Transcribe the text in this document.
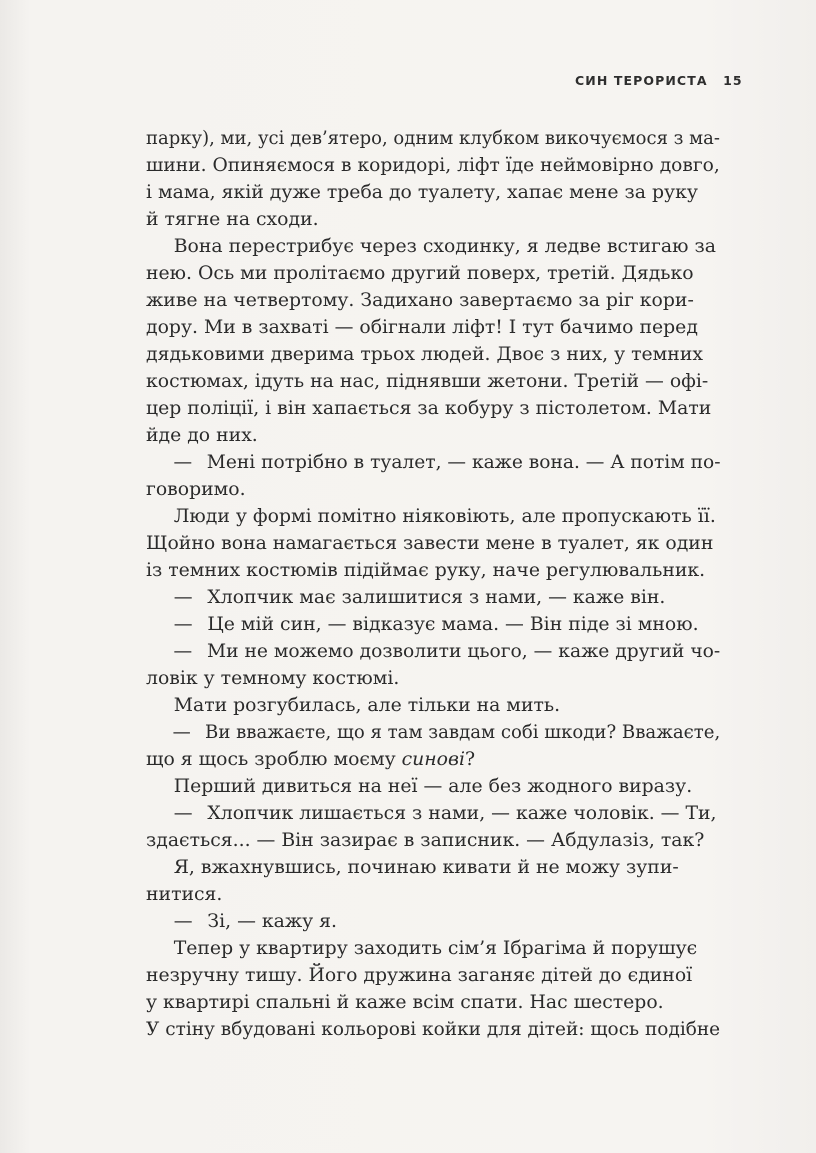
СИН ТЕРОРИСТА 15
парку), ми, усі дев’ятеро, одним клубком викочуємося з ма-
шини. Опиняємося в коридорі, ліфт їде неймовірно довго,
і мама, якій дуже треба до туалету, хапає мене за руку
й тягне на сходи.
Вона перестрибує через сходинку, я ледве встигаю за
нею. Ось ми пролітаємо другий поверх, третій. Дядько
живе на четвертому. Задихано завертаємо за ріг кори-
дору. Ми в захваті — обігнали ліфт! І тут бачимо перед
дядьковими дверима трьох людей. Двоє з них, у темних
костюмах, ідуть на нас, піднявши жетони. Третій — офі-
цер поліції, і він хапається за кобуру з пістолетом. Мати
йде до них.
— Мені потрібно в туалет, — каже вона. — А потім по-
говоримо.
Люди у формі помітно ніяковіють, але пропускають її.
Щойно вона намагається завести мене в туалет, як один
із темних костюмів підіймає руку, наче регулювальник.
— Хлопчик має залишитися з нами, — каже він.
— Це мій син, — відказує мама. — Він піде зі мною.
— Ми не можемо дозволити цього, — каже другий чо-
ловік у темному костюмі.
Мати розгубилась, але тільки на мить.
— Ви вважаєте, що я там завдам собі шкоди? Вважаєте,
що я щось зроблю моєму синові?
Перший дивиться на неї — але без жодного виразу.
— Хлопчик лишається з нами, — каже чоловік. — Ти,
здається... — Він зазирає в записник. — Абдулазіз, так?
Я, вжахнувшись, починаю кивати й не можу зупи-
нитися.
— Зі, — кажу я.
Тепер у квартиру заходить сім’я Ібрагіма й порушує
незручну тишу. Його дружина заганяє дітей до єдиної
у квартирі спальні й каже всім спати. Нас шестеро.
У стіну вбудовані кольорові койки для дітей: щось подібне
